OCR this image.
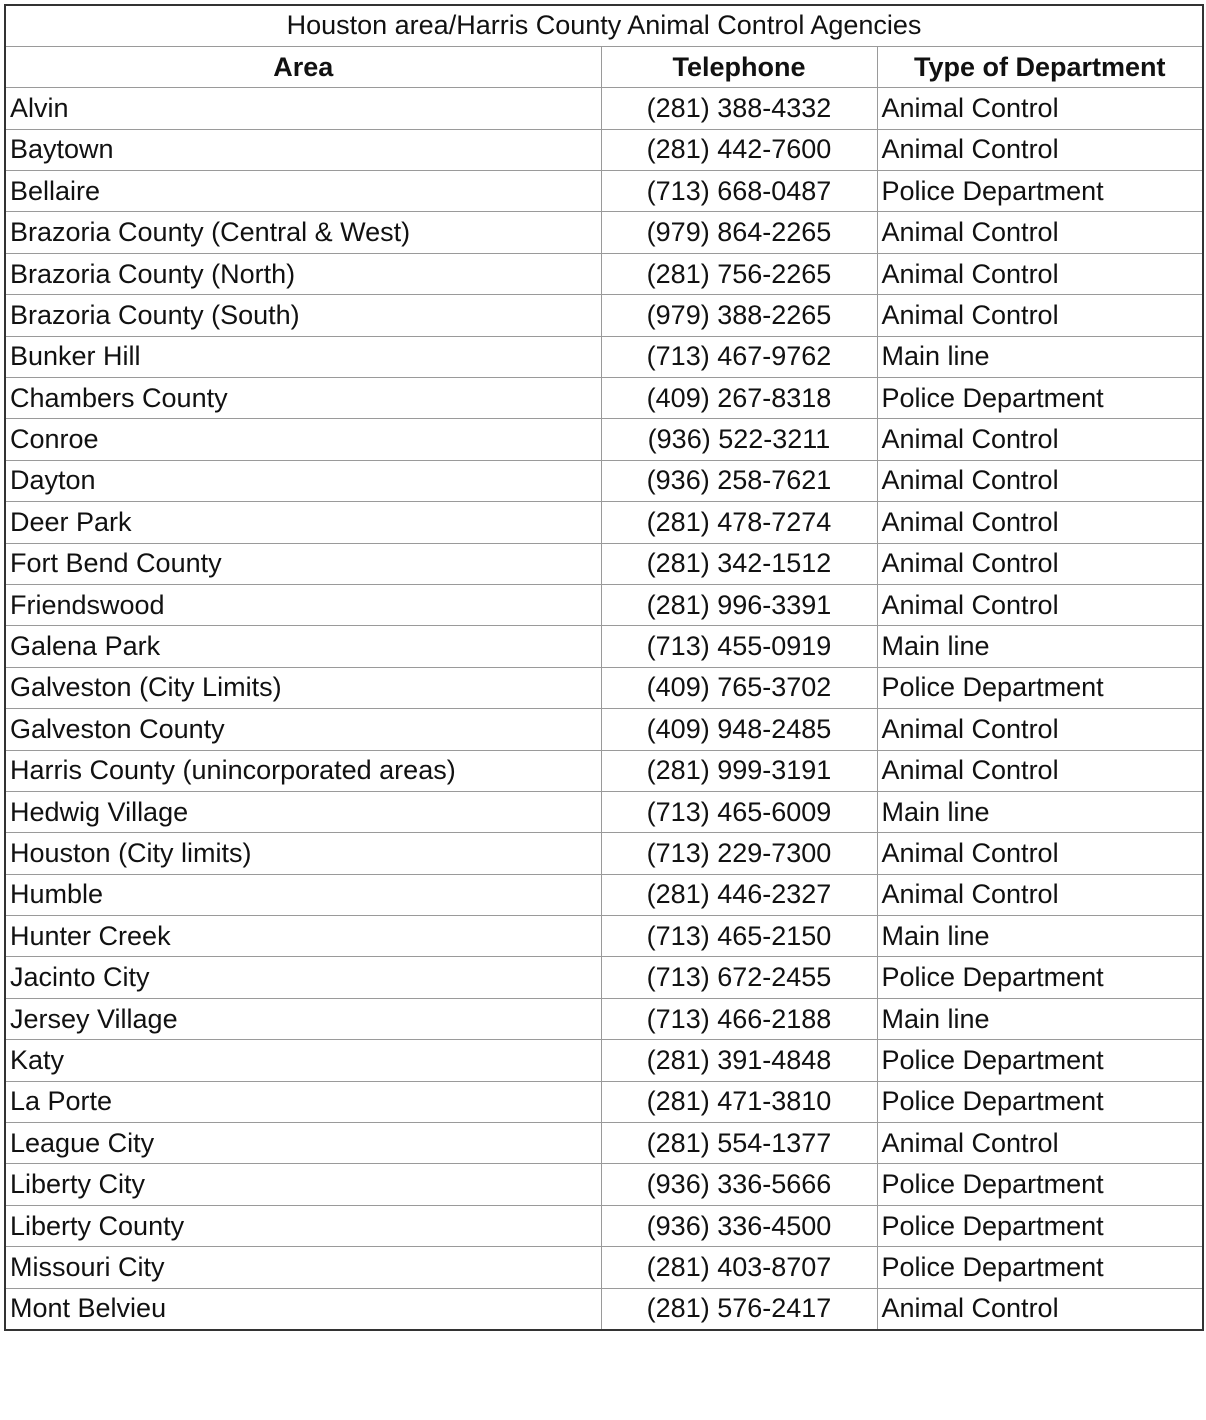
Houston area/Harris County Animal Control Agencies		
Area	Telephone	Type of Department
Alvin	(281) 388-4332	Animal Control
Baytown	(281) 442-7600	Animal Control
Bellaire	(713) 668-0487	Police Department
Brazoria County (Central & West)	(979) 864-2265	Animal Control
Brazoria County (North)	(281) 756-2265	Animal Control
Brazoria County (South)	(979) 388-2265	Animal Control
Bunker Hill	(713) 467-9762	Main line
Chambers County	(409) 267-8318	Police Department
Conroe	(936) 522-3211	Animal Control
Dayton	(936) 258-7621	Animal Control
Deer Park	(281) 478-7274	Animal Control
Fort Bend County	(281) 342-1512	Animal Control
Friendswood	(281) 996-3391	Animal Control
Galena Park	(713) 455-0919	Main line
Galveston (City Limits)	(409) 765-3702	Police Department
Galveston County	(409) 948-2485	Animal Control
Harris County (unincorporated areas)	(281) 999-3191	Animal Control
Hedwig Village	(713) 465-6009	Main line
Houston (City limits)	(713) 229-7300	Animal Control
Humble	(281) 446-2327	Animal Control
Hunter Creek	(713) 465-2150	Main line
Jacinto City	(713) 672-2455	Police Department
Jersey Village	(713) 466-2188	Main line
Katy	(281) 391-4848	Police Department
La Porte	(281) 471-3810	Police Department
League City	(281) 554-1377	Animal Control
Liberty City	(936) 336-5666	Police Department
Liberty County	(936) 336-4500	Police Department
Missouri City	(281) 403-8707	Police Department
Mont Belvieu	(281) 576-2417	Animal Control
